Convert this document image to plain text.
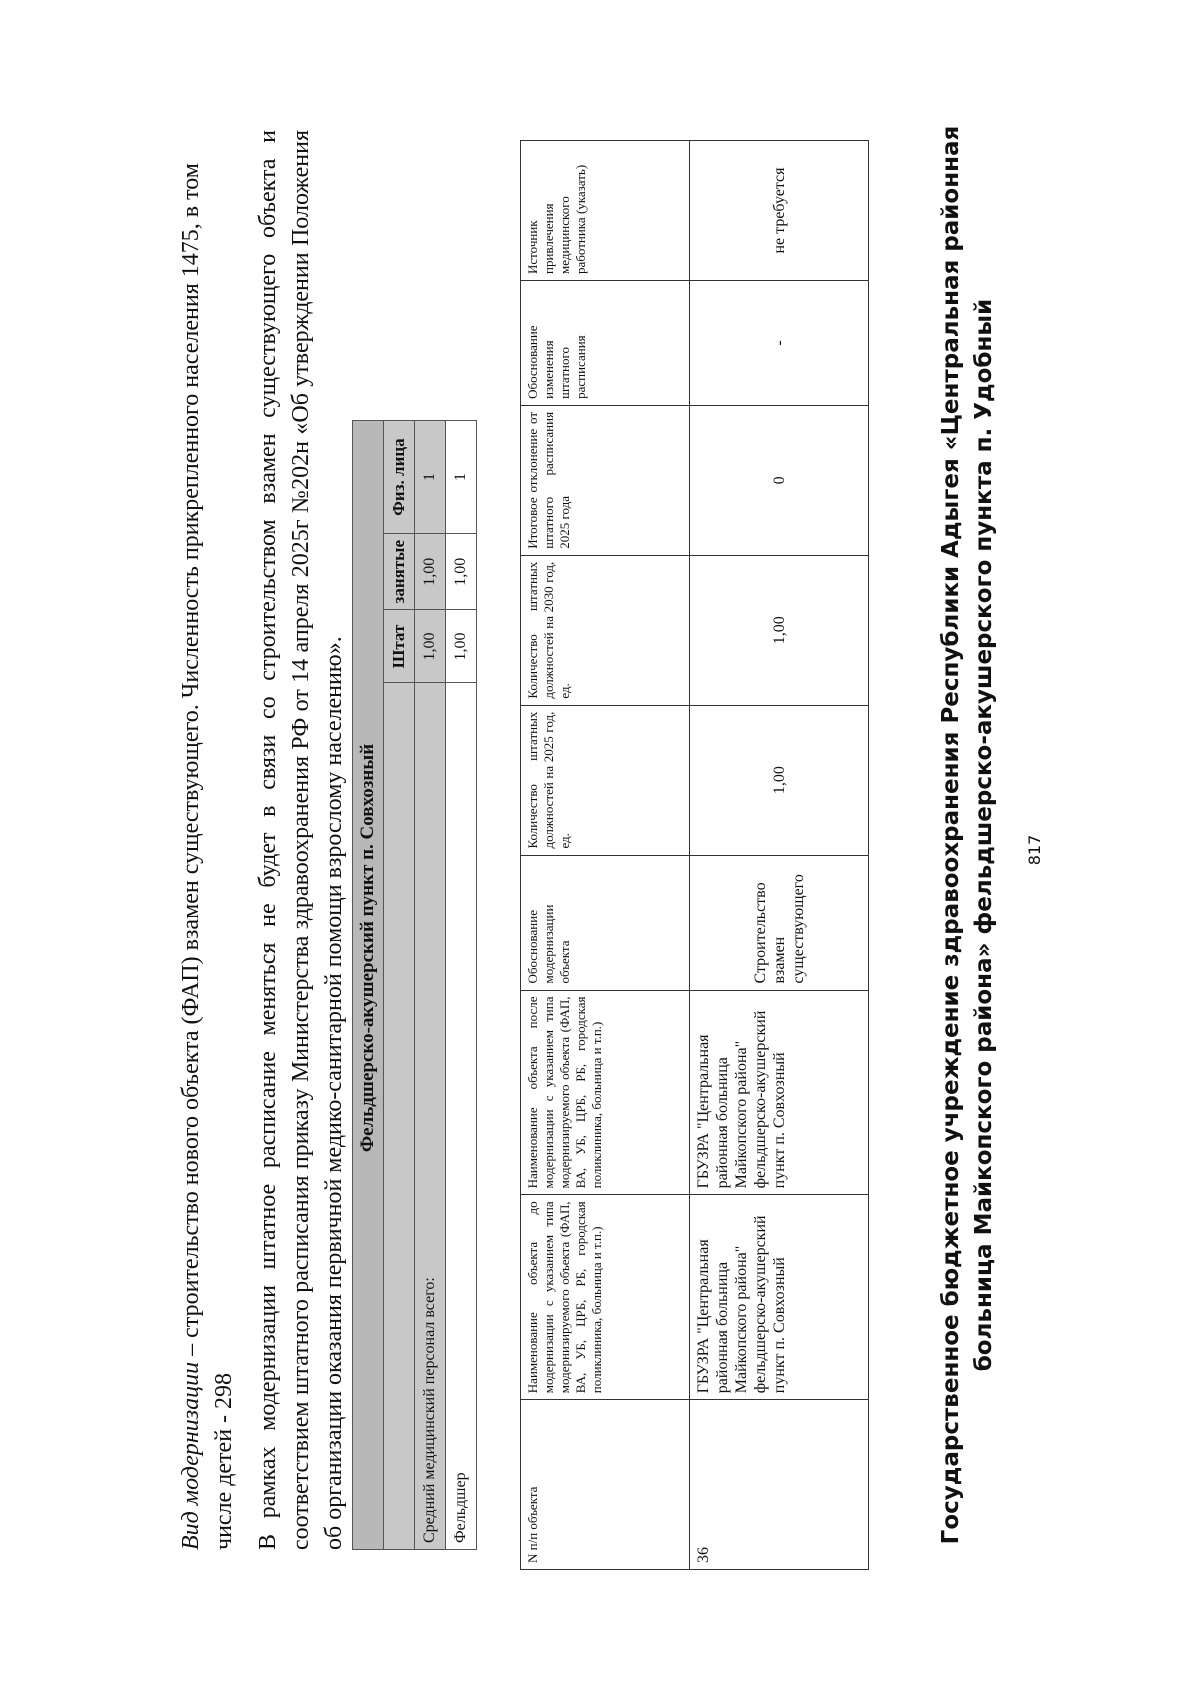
Вид модернизации – строительство нового объекта (ФАП) взамен существующего. Численность прикрепленного населения 1475, в том числе детей - 298 В рамках модернизации штатное расписание меняться не будет в связи со строительством взамен существующего объекта и соответствием штатного расписания приказу Министерства здравоохранения РФ от 14 апреля 2025г №202н «Об утверждении Положения об организации оказания первичной медико-санитарной помощи взрослому населению». Фельдшерско-акушерский пункт п. Совхозный			
	Штат	занятые	Физ. лица
Средний медицинский персонал всего:	1,00	1,00	1
Фельдшер	1,00	1,00	1
N п/п объекта	Наименование объекта до модернизации с указанием типа модернизируемого объекта (ФАП, ВА, УБ, ЦРБ, РБ, городская поликлиника, больница и т.п.)	Наименование объекта после модернизации с указанием типа модернизируемого объекта (ФАП, ВА, УБ, ЦРБ, РБ, городская поликлиника, больница и т.п.)	Обоснование модернизации объекта	Количество штатных должностей на 2025 год, ед.	Количество штатных должностей на 2030 год, ед.	Итоговое отклонение от штатного расписания 2025 года	Обоснование изменения штатного расписания	Источник привлечения медицинского работника (указать)
36	ГБУЗРА "Центральная районная больница Майкопского района" фельдшерско-акушерский пункт п. Совхозный	ГБУЗРА "Центральная районная больница Майкопского района" фельдшерско-акушерский пункт п. Совхозный	Строительство взамен существующего	1,00	1,00	0	-	не требуется	Государственное бюджетное учреждение здравоохранения Республики Адыгея «Центральная районная больница Майкопского района» фельдшерско-акушерского пункта п. Удобный 817
